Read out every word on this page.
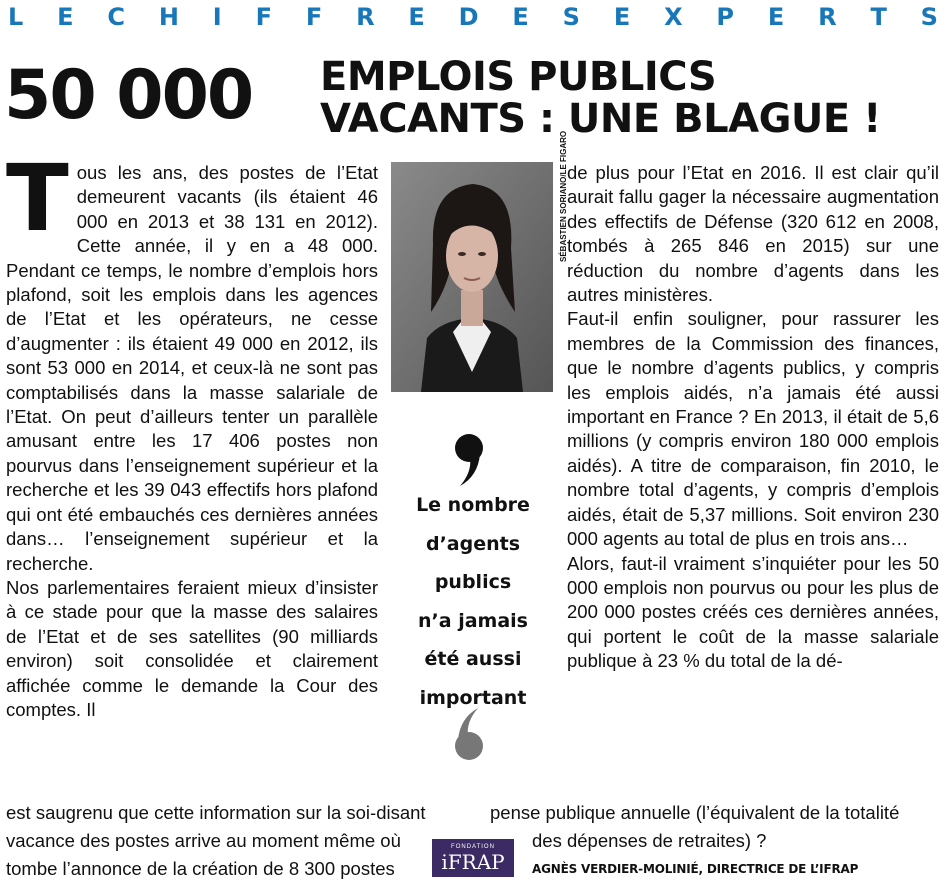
L E C H I F F R E D E S E X P E R T S
50 000 EMPLOIS PUBLICS
VACANTS : UNE BLAGUE !
T ous les ans, des postes de l’Etat demeurent vacants (ils étaient 46 000 en 2013 et 38 131 en 2012). Cette année, il y en a 48 000. Pendant ce temps, le nombre d’emplois hors plafond, soit les emplois dans les agences de l’Etat et les opérateurs, ne cesse d’augmenter : ils étaient 49 000 en 2012, ils sont 53 000 en 2014, et ceux-là ne sont pas comptabilisés dans la masse salariale de l’Etat. On peut d’ailleurs tenter un parallèle amusant entre les 17 406 postes non pourvus dans l’enseignement supérieur et la recherche et les 39 043 effectifs hors plafond qui ont été embauchés ces dernières années dans… l’enseignement supérieur et la recherche.

Nos parlementaires feraient mieux d’insister à ce stade pour que la masse des salaires de l’Etat et de ses satellites (90 milliards environ) soit consolidée et clairement affichée comme le demande la Cour des comptes. Il

SÉBASTIEN SORIANO/LE FIGARO
Le nombre
d’agents
publics
n’a jamais
été aussi
important

de plus pour l’Etat en 2016. Il est clair qu’il aurait fallu gager la nécessaire augmentation des effectifs de Défense (320 612 en 2008, tombés à 265 846 en 2015) sur une réduction du nombre d’agents dans les autres ministères.

Faut-il enfin souligner, pour rassurer les membres de la Commission des finances, que le nombre d’agents publics, y compris les emplois aidés, n’a jamais été aussi important en France ? En 2013, il était de 5,6 millions (y compris environ 180 000 emplois aidés). A titre de comparaison, fin 2010, le nombre total d’agents, y compris d’emplois aidés, était de 5,37 millions. Soit environ 230 000 agents au total de plus en trois ans…

Alors, faut-il vraiment s’inquiéter pour les 50 000 emplois non pourvus ou pour les plus de 200 000 postes créés ces dernières années, qui portent le coût de la masse salariale publique à 23 % du total de la dé-

est saugrenu que cette information sur la soi-disant
vacance des postes arrive au moment même où
tombe l’annonce de la création de 8 300 postes
pense publique annuelle (l’équivalent de la totalité
des dépenses de retraites) ?
FONDATION
iFRAP	AGNÈS VERDIER-MOLINIÉ, DIRECTRICE DE L’IFRAP
